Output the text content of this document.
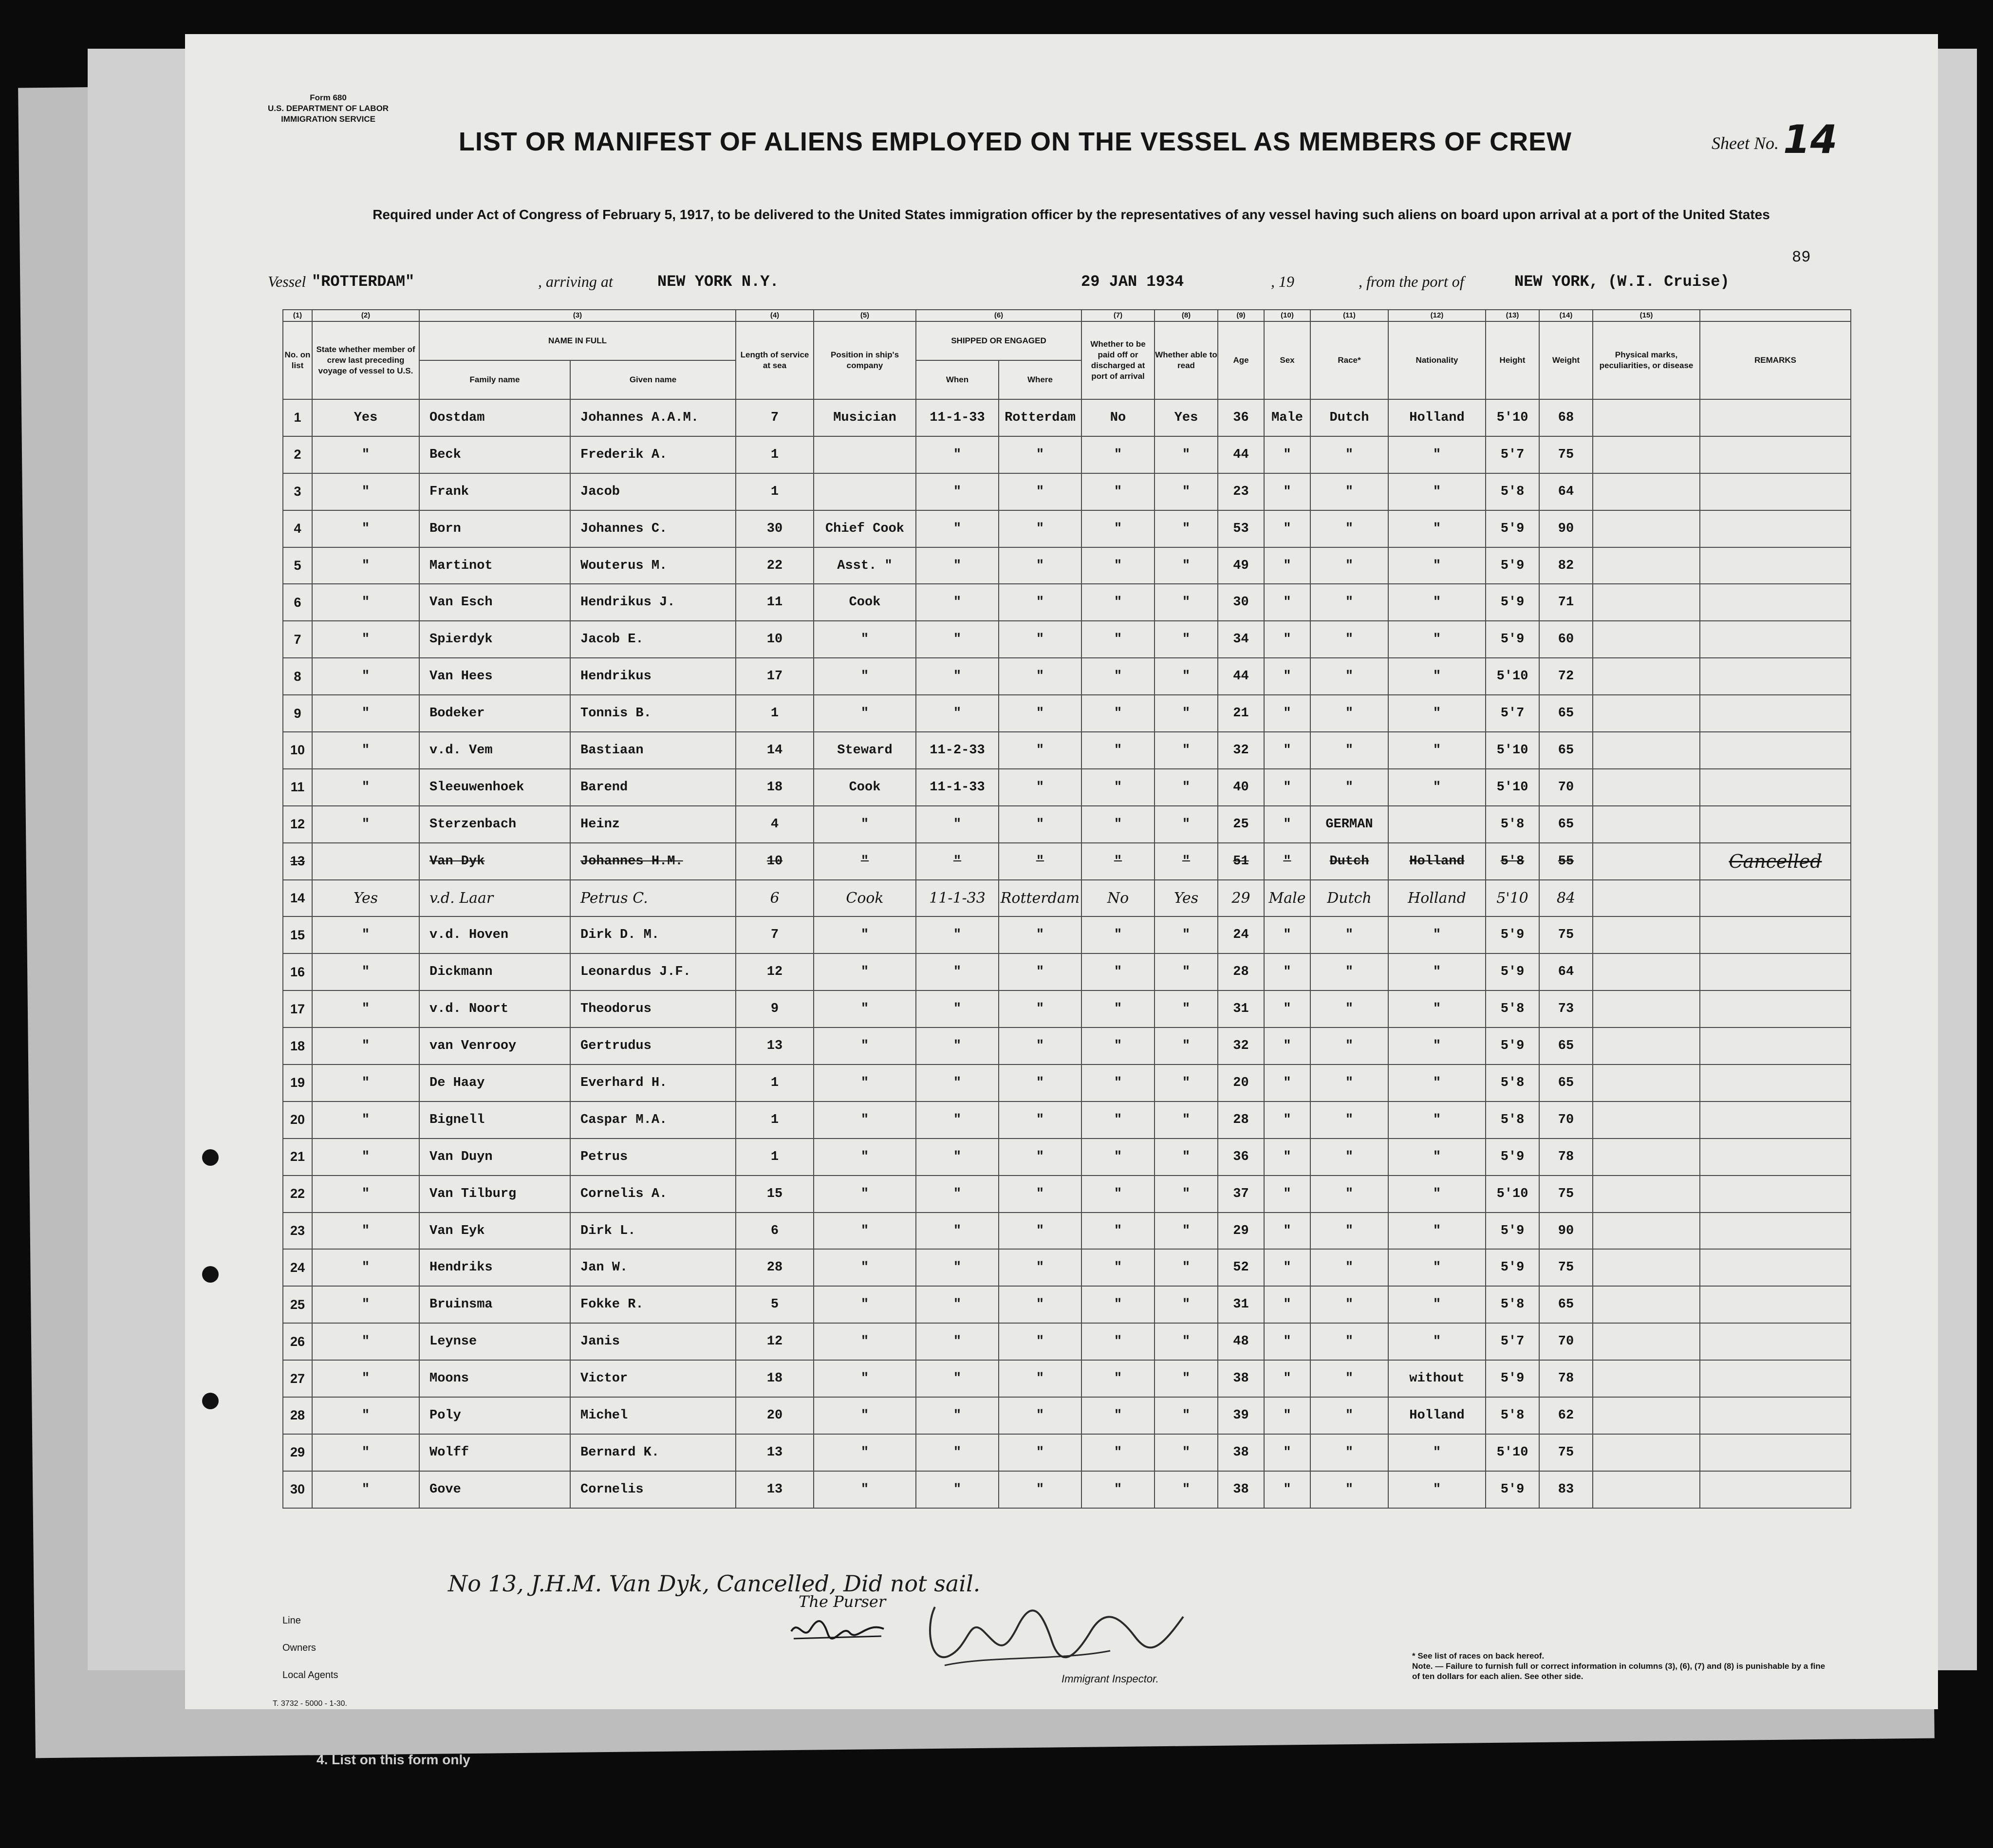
Form 680
U.S. DEPARTMENT OF LABOR
IMMIGRATION SERVICE
LIST OR MANIFEST OF ALIENS EMPLOYED ON THE VESSEL AS MEMBERS OF CREW	Sheet No. 14
Required under Act of Congress of February 5, 1917, to be delivered to the United States immigration officer by the representatives of any vessel having such aliens on board upon arrival at a port of the United States
89
Vessel "ROTTERDAM"	, arriving at	NEW YORK N.Y.	29 JAN 1934	, 19	, from the port of	NEW YORK, (W.I. Cruise)
(1)	(2)	(3)		(4)	(5)	(6)		(7)	(8)	(9)	(10)	(11)	(12)	(13)	(14)	(15)	
No. on list	State whether member of crew last preceding voyage of vessel to U.S.	NAME IN FULL		Length of service at sea	Position in ship's company	SHIPPED OR ENGAGED		Whether to be paid off or discharged at port of arrival	Whether able to read	Age	Sex	Race*	Nationality	Height	Weight	Physical marks, peculiarities, or disease	REMARKS
		Family name	Given name			When	Where										
1	Yes	Oostdam	Johannes A.A.M.	7	Musician	11-1-33	Rotterdam	No	Yes	36	Male	Dutch	Holland	5'10	68		
2	"	Beck	Frederik A.	1		"	"	"	"	44	"	"	"	5'7	75		
3	"	Frank	Jacob	1		"	"	"	"	23	"	"	"	5'8	64		
4	"	Born	Johannes C.	30	Chief Cook	"	"	"	"	53	"	"	"	5'9	90		
5	"	Martinot	Wouterus M.	22	Asst. "	"	"	"	"	49	"	"	"	5'9	82		
6	"	Van Esch	Hendrikus J.	11	Cook	"	"	"	"	30	"	"	"	5'9	71		
7	"	Spierdyk	Jacob E.	10	"	"	"	"	"	34	"	"	"	5'9	60		
8	"	Van Hees	Hendrikus	17	"	"	"	"	"	44	"	"	"	5'10	72		
9	"	Bodeker	Tonnis B.	1	"	"	"	"	"	21	"	"	"	5'7	65		
10	"	v.d. Vem	Bastiaan	14	Steward	11-2-33	"	"	"	32	"	"	"	5'10	65		
11	"	Sleeuwenhoek	Barend	18	Cook	11-1-33	"	"	"	40	"	"	"	5'10	70		
12	"	Sterzenbach	Heinz	4	"	"	"	"	"	25	"	GERMAN		5'8	65		
13		Van Dyk	Johannes H.M.	10	"	"	"	"	"	51	"	Dutch	Holland	5'8	55		Cancelled
14	Yes	v.d. Laar	Petrus C.	6	Cook	11-1-33	Rotterdam	No	Yes	29	Male	Dutch	Holland	5'10	84		
15	"	v.d. Hoven	Dirk D. M.	7	"	"	"	"	"	24	"	"	"	5'9	75		
16	"	Dickmann	Leonardus J.F.	12	"	"	"	"	"	28	"	"	"	5'9	64		
17	"	v.d. Noort	Theodorus	9	"	"	"	"	"	31	"	"	"	5'8	73		
18	"	van Venrooy	Gertrudus	13	"	"	"	"	"	32	"	"	"	5'9	65		
19	"	De Haay	Everhard H.	1	"	"	"	"	"	20	"	"	"	5'8	65		
20	"	Bignell	Caspar M.A.	1	"	"	"	"	"	28	"	"	"	5'8	70		
21	"	Van Duyn	Petrus	1	"	"	"	"	"	36	"	"	"	5'9	78		
22	"	Van Tilburg	Cornelis A.	15	"	"	"	"	"	37	"	"	"	5'10	75		
23	"	Van Eyk	Dirk L.	6	"	"	"	"	"	29	"	"	"	5'9	90		
24	"	Hendriks	Jan W.	28	"	"	"	"	"	52	"	"	"	5'9	75		
25	"	Bruinsma	Fokke R.	5	"	"	"	"	"	31	"	"	"	5'8	65		
26	"	Leynse	Janis	12	"	"	"	"	"	48	"	"	"	5'7	70		
27	"	Moons	Victor	18	"	"	"	"	"	38	"	"	without	5'9	78		
28	"	Poly	Michel	20	"	"	"	"	"	39	"	"	Holland	5'8	62		
29	"	Wolff	Bernard K.	13	"	"	"	"	"	38	"	"	"	5'10	75		
30	"	Gove	Cornelis	13	"	"	"	"	"	38	"	"	"	5'9	83		
No 13, J.H.M. Van Dyk, Cancelled, Did not sail.
Line
Owners
Local Agents
The Purser
Immigrant Inspector.
* See list of races on back hereof.
Note. — Failure to furnish full or correct information in columns (3), (6), (7) and (8) is punishable by a fine of ten dollars for each alien. See other side.
T. 3732 - 5000 - 1-30.
4. List on this form only
